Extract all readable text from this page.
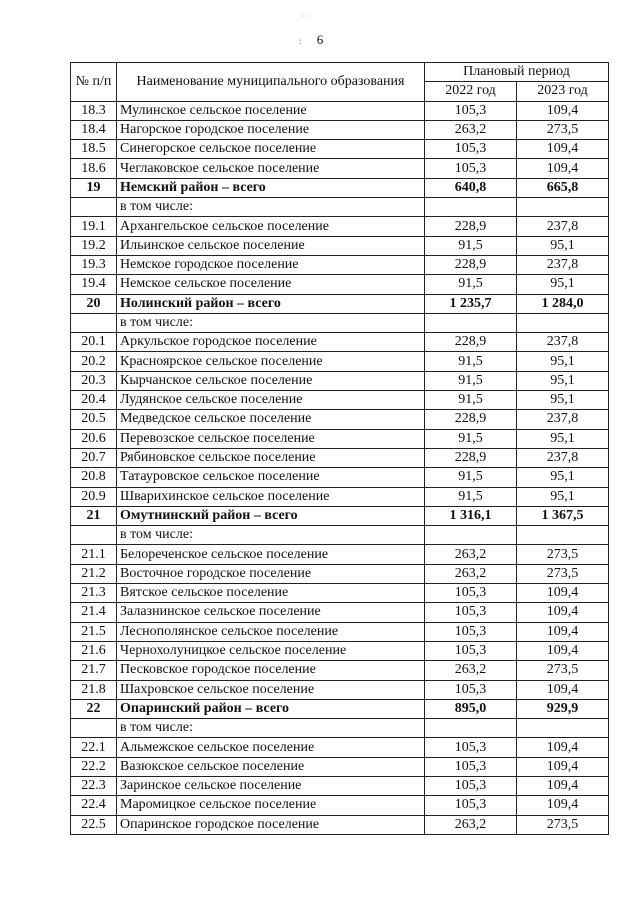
˙ ˙
:	6
№ п/п	Наименование муниципального образования	Плановый период	
		2022 год	2023 год
18.3	Мулинское сельское поселение	105,3	109,4
18.4	Нагорское городское поселение	263,2	273,5
18.5	Синегорское сельское поселение	105,3	109,4
18.6	Чеглаковское сельское поселение	105,3	109,4
19	Немский район – всего	640,8	665,8
	в том числе:		
19.1	Архангельское сельское поселение	228,9	237,8
19.2	Ильинское сельское поселение	91,5	95,1
19.3	Немское городское поселение	228,9	237,8
19.4	Немское сельское поселение	91,5	95,1
20	Нолинский район – всего	1 235,7	1 284,0
	в том числе:		
20.1	Аркульское городское поселение	228,9	237,8
20.2	Красноярское сельское поселение	91,5	95,1
20.3	Кырчанское сельское поселение	91,5	95,1
20.4	Лудянское сельское поселение	91,5	95,1
20.5	Медведское сельское поселение	228,9	237,8
20.6	Перевозское сельское поселение	91,5	95,1
20.7	Рябиновское сельское поселение	228,9	237,8
20.8	Татауровское сельское поселение	91,5	95,1
20.9	Шварихинское сельское поселение	91,5	95,1
21	Омутнинский район – всего	1 316,1	1 367,5
	в том числе:		
21.1	Белореченское сельское поселение	263,2	273,5
21.2	Восточное городское поселение	263,2	273,5
21.3	Вятское сельское поселение	105,3	109,4
21.4	Залазнинское сельское поселение	105,3	109,4
21.5	Леснополянское сельское поселение	105,3	109,4
21.6	Чернохолуницкое сельское поселение	105,3	109,4
21.7	Песковское городское поселение	263,2	273,5
21.8	Шахровское сельское поселение	105,3	109,4
22	Опаринский район – всего	895,0	929,9
	в том числе:		
22.1	Альмежское сельское поселение	105,3	109,4
22.2	Вазюкское сельское поселение	105,3	109,4
22.3	Заринское сельское поселение	105,3	109,4
22.4	Маромицкое сельское поселение	105,3	109,4
22.5	Опаринское городское поселение	263,2	273,5
